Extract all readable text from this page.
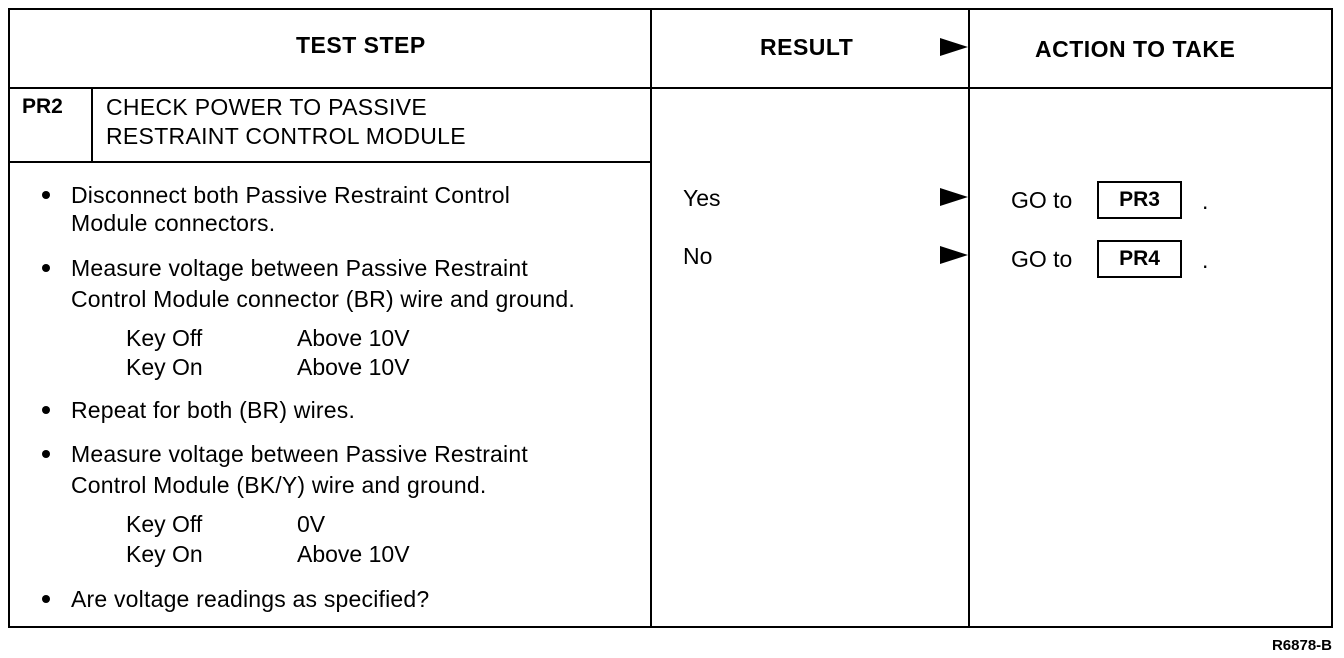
TEST STEP	RESULT	ACTION TO TAKE
PR2 CHECK POWER TO PASSIVE
RESTRAINT CONTROL MODULE
Disconnect both Passive Restraint Control
Module connectors.
Measure voltage between Passive Restraint
Control Module connector (BR) wire and ground.
Key Off	Above 10V
Key On	Above 10V
Repeat for both (BR) wires.
Measure voltage between Passive Restraint
Control Module (BK/Y) wire and ground.
Key Off	0V
Key On	Above 10V
Are voltage readings as specified?
Yes	GO to	PR3	.
No	GO to	PR4	.
R6878-B
